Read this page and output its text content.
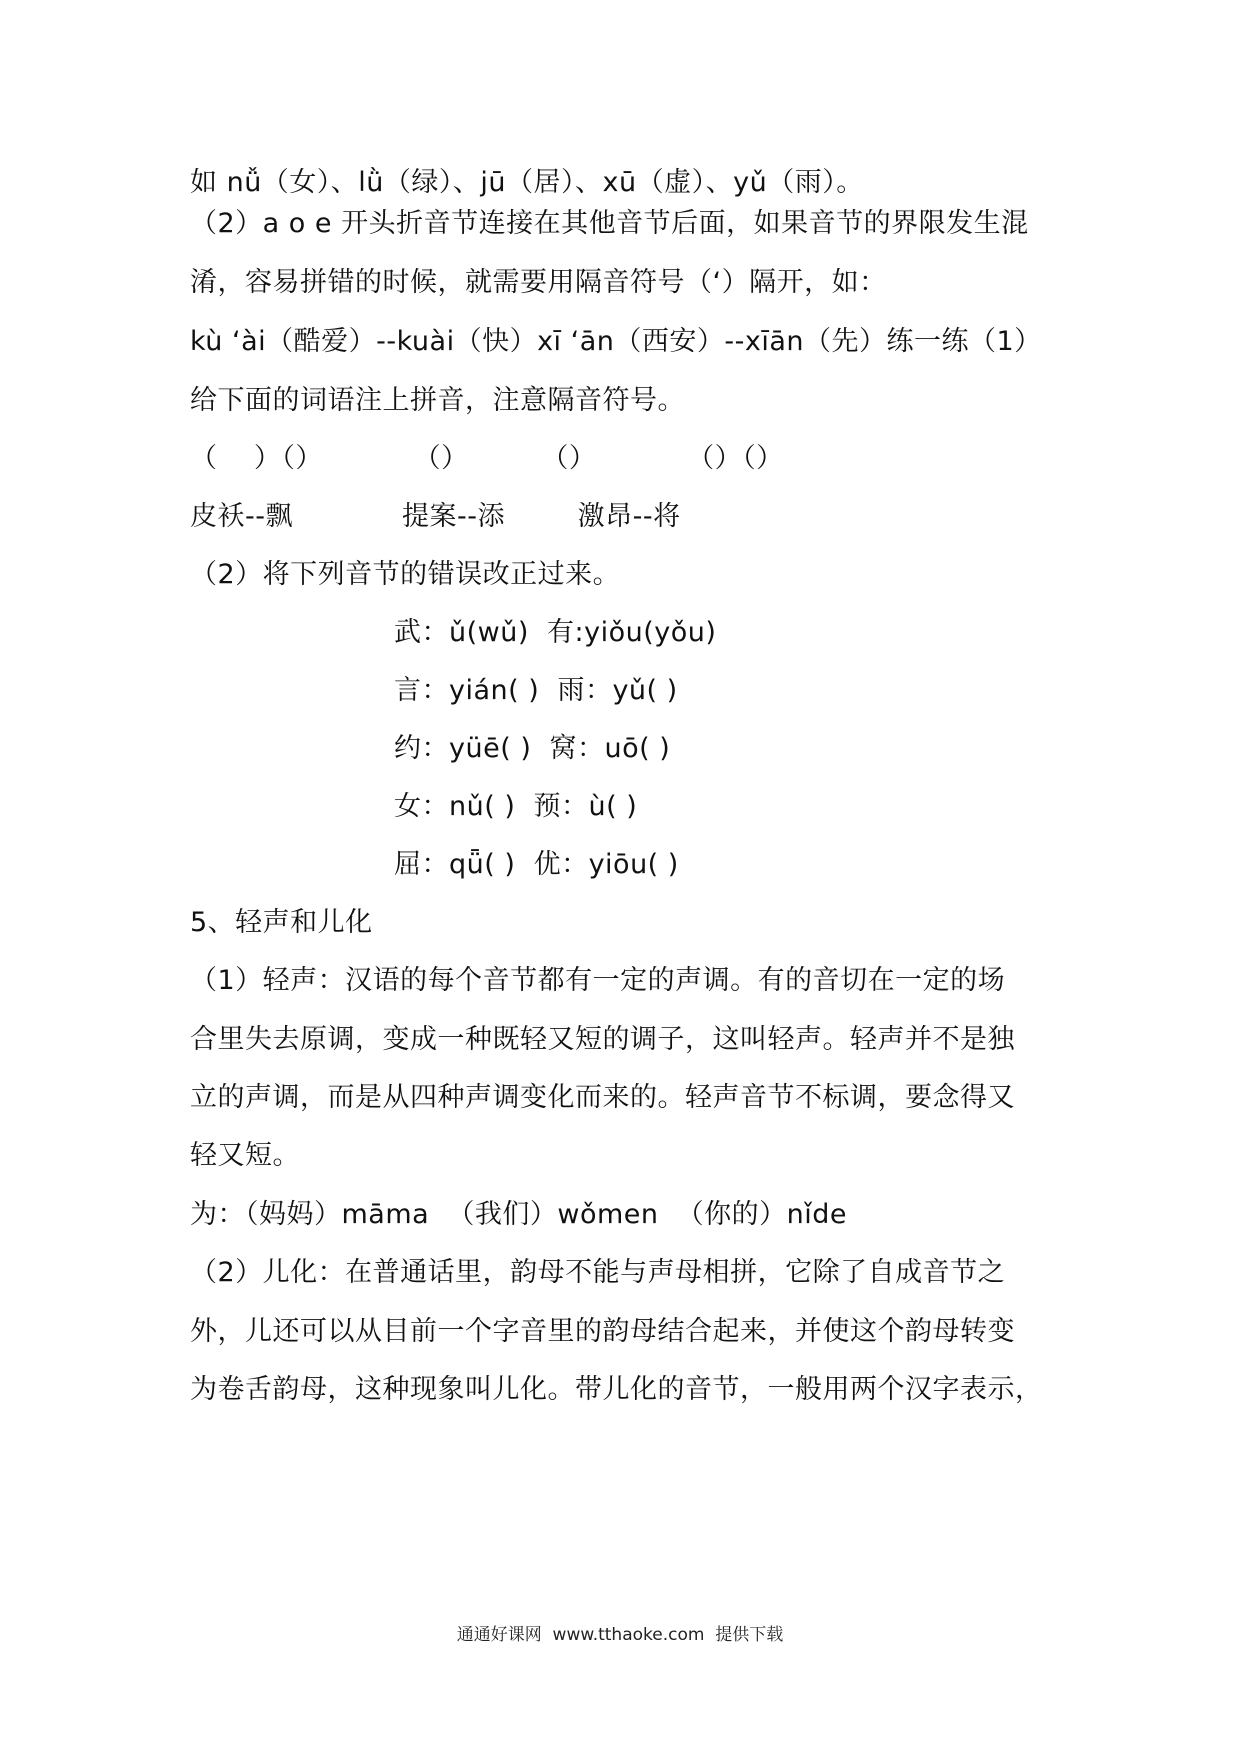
如 nǚ（女）、lǜ（绿）、jū（居）、xū（虚）、yǔ（雨）。
（2）a o e 开头折音节连接在其他音节后面，如果音节的界限发生混
淆，容易拼错的时候，就需要用隔音符号（‘）隔开，如：
kù ‘ài（酷爱）--kuài（快）xī ‘ān（西安）--xīān（先）练一练（1）
给下面的词语注上拼音，注意隔音符号。
（    ）（）          （）        （）          （）（）
皮袄--飘            提案--添        激昂--将
（2）将下列音节的错误改正过来。
武：ǔ(wǔ)  有:yiǒu(yǒu)
言：yián( )  雨：yǔ( )
约：yüē( )  窝：uō( )
女：nǔ( )  预：ù( )
屈：qǖ( )  优：yiōu( )
5、轻声和儿化
（1）轻声：汉语的每个音节都有一定的声调。有的音切在一定的场
合里失去原调，变成一种既轻又短的调子，这叫轻声。轻声并不是独
立的声调，而是从四种声调变化而来的。轻声音节不标调，要念得又
轻又短。
为：（妈妈）māma  （我们）wǒmen  （你的）nǐde
（2）儿化：在普通话里，韵母不能与声母相拼，它除了自成音节之
外，儿还可以从目前一个字音里的韵母结合起来，并使这个韵母转变
为卷舌韵母，这种现象叫儿化。带儿化的音节，一般用两个汉字表示，
通通好课网  www.tthaoke.com  提供下载
